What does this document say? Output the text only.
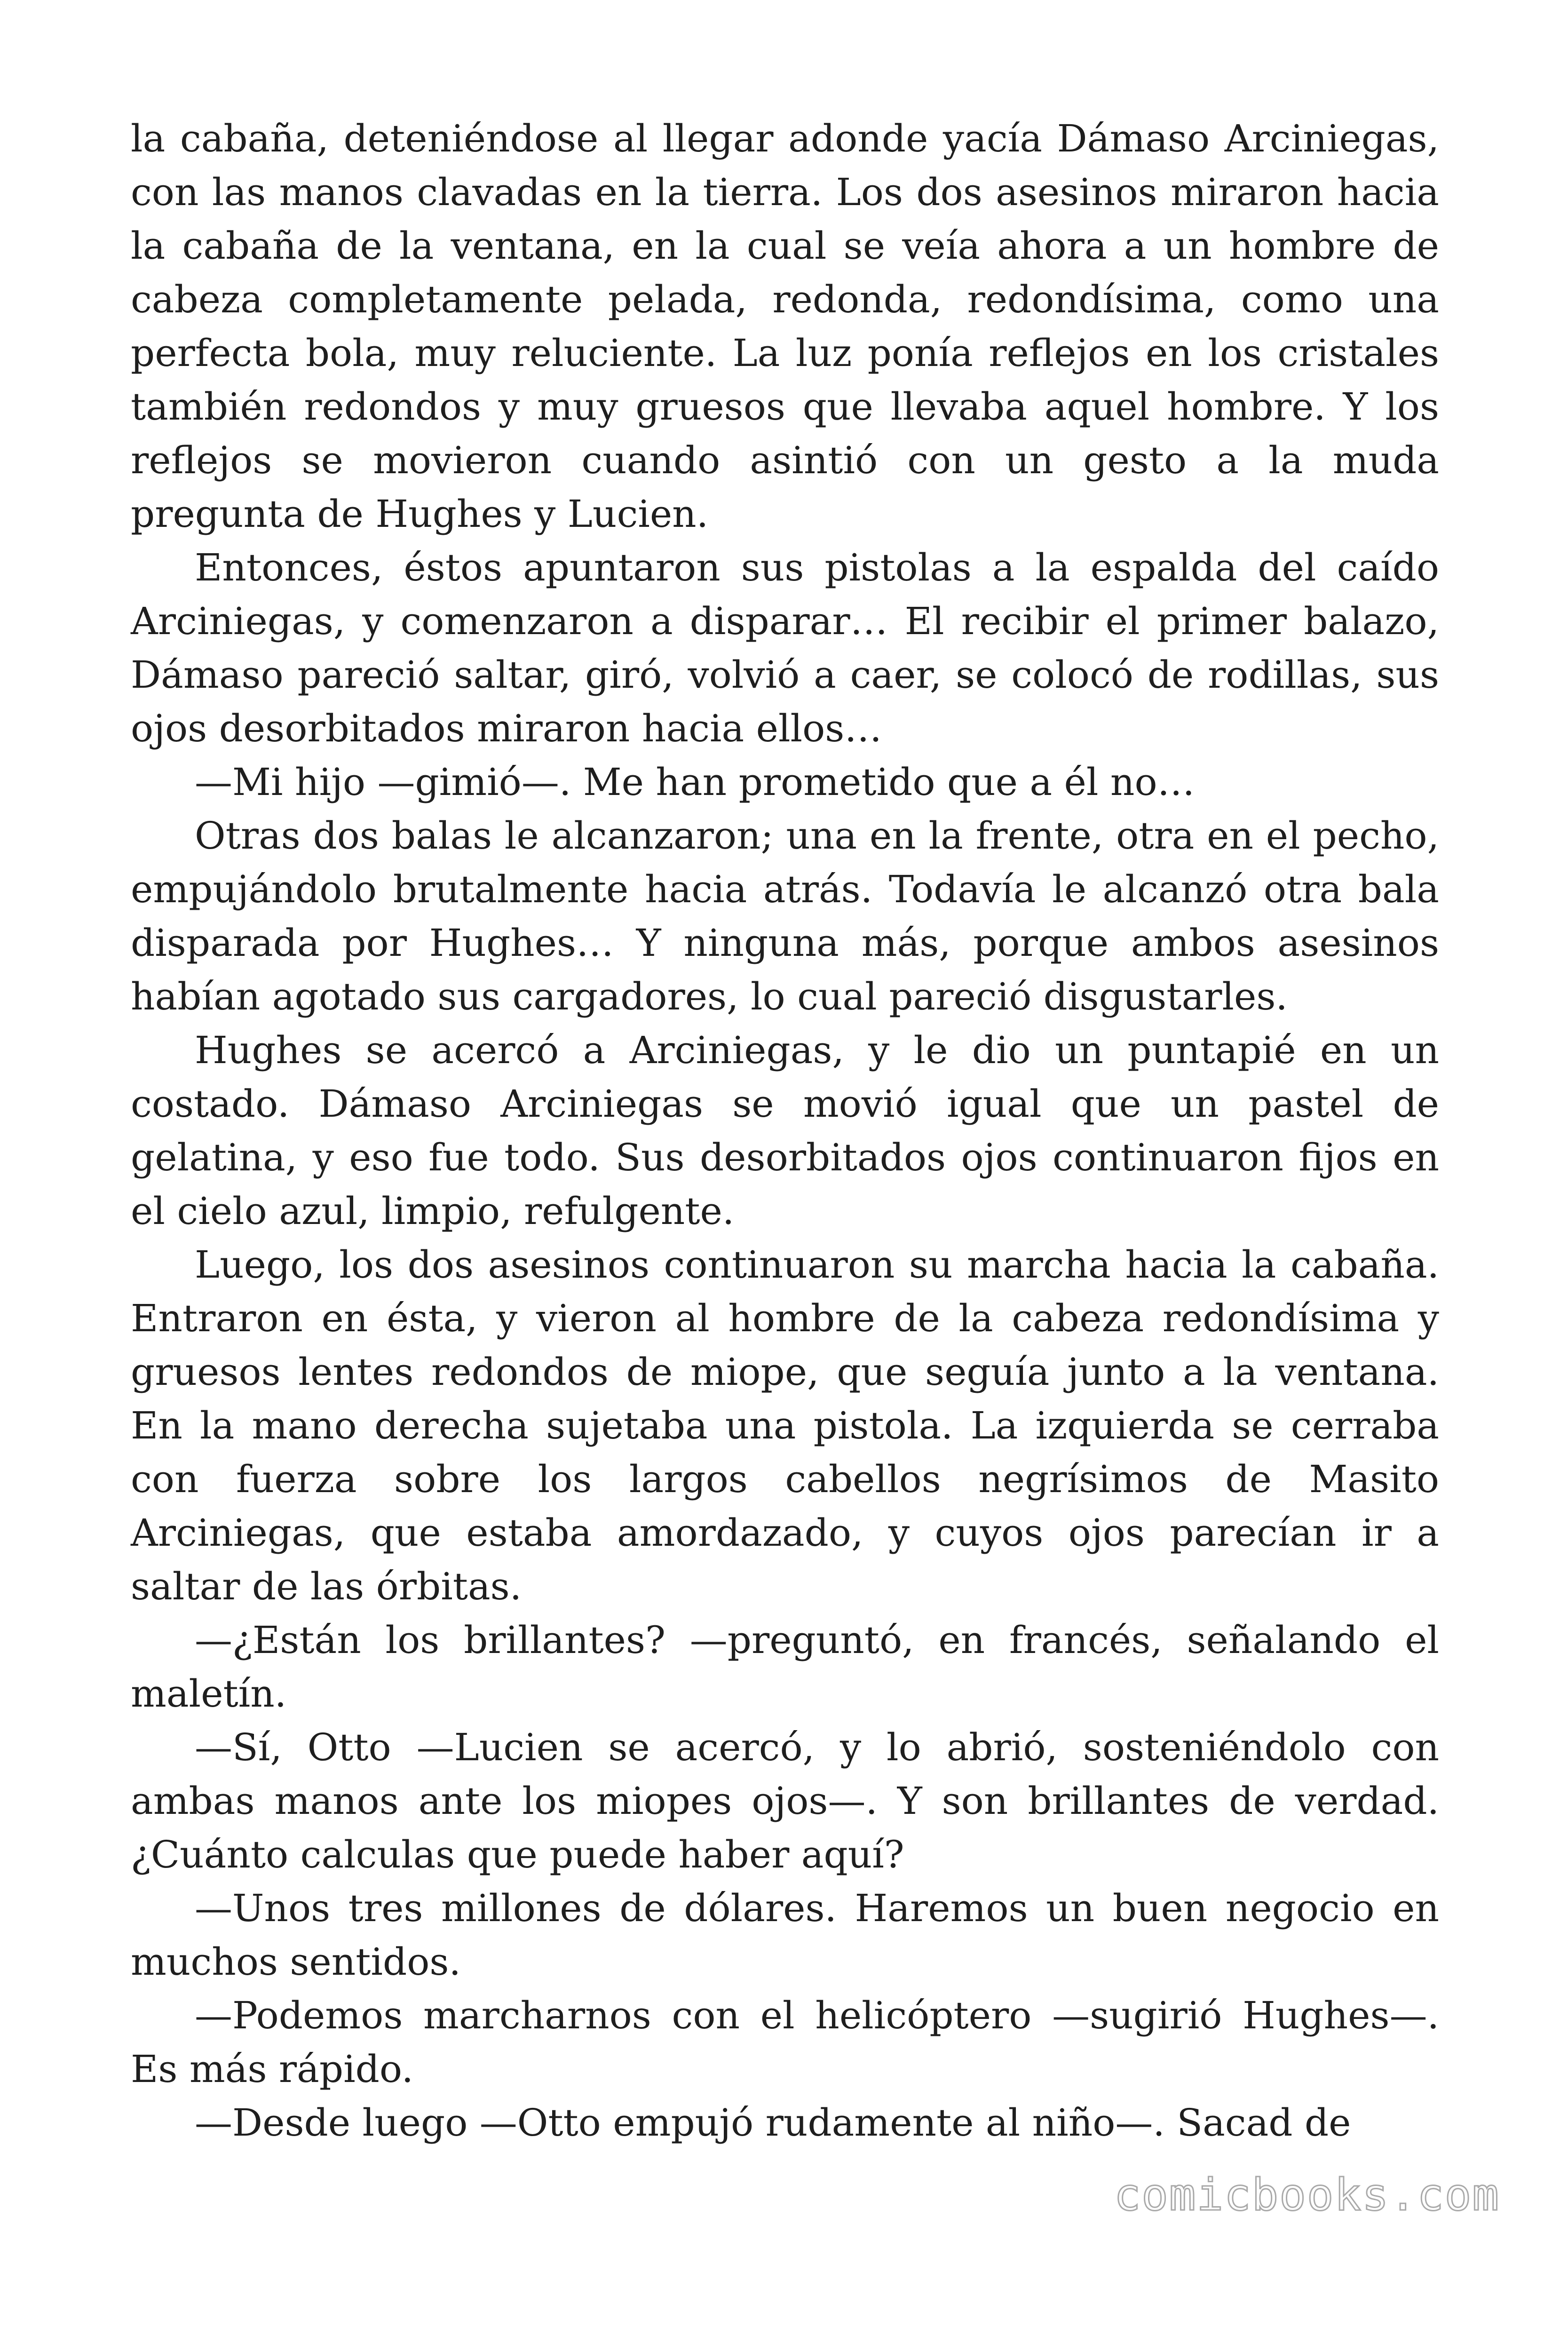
la cabaña, deteniéndose al llegar adonde yacía Dámaso Arciniegas, con las manos clavadas en la tierra. Los dos asesinos miraron hacia la cabaña de la ventana, en la cual se veía ahora a un hombre de cabeza completamente pelada, redonda, redondísima, como una perfecta bola, muy reluciente. La luz ponía reflejos en los cristales también redondos y muy gruesos que llevaba aquel hombre. Y los reflejos se movieron cuando asintió con un gesto a la muda pregunta de Hughes y Lucien.

Entonces, éstos apuntaron sus pistolas a la espalda del caído Arciniegas, y comenzaron a disparar… El recibir el primer balazo, Dámaso pareció saltar, giró, volvió a caer, se colocó de rodillas, sus ojos desorbitados miraron hacia ellos…

—Mi hijo —gimió—. Me han prometido que a él no…

Otras dos balas le alcanzaron; una en la frente, otra en el pecho, empujándolo brutalmente hacia atrás. Todavía le alcanzó otra bala disparada por Hughes… Y ninguna más, porque ambos asesinos habían agotado sus cargadores, lo cual pareció disgustarles.

Hughes se acercó a Arciniegas, y le dio un puntapié en un costado. Dámaso Arciniegas se movió igual que un pastel de gelatina, y eso fue todo. Sus desorbitados ojos continuaron fijos en el cielo azul, limpio, refulgente.

Luego, los dos asesinos continuaron su marcha hacia la cabaña. Entraron en ésta, y vieron al hombre de la cabeza redondísima y gruesos lentes redondos de miope, que seguía junto a la ventana. En la mano derecha sujetaba una pistola. La izquierda se cerraba con fuerza sobre los largos cabellos negrísimos de Masito Arciniegas, que estaba amordazado, y cuyos ojos parecían ir a saltar de las órbitas.

—¿Están los brillantes? —preguntó, en francés, señalando el maletín.

—Sí, Otto —Lucien se acercó, y lo abrió, sosteniéndolo con ambas manos ante los miopes ojos—. Y son brillantes de verdad. ¿Cuánto calculas que puede haber aquí?

—Unos tres millones de dólares. Haremos un buen negocio en muchos sentidos.

—Podemos marcharnos con el helicóptero —sugirió Hughes—. Es más rápido.

—Desde luego —Otto empujó rudamente al niño—. Sacad de

comicbooks.com
